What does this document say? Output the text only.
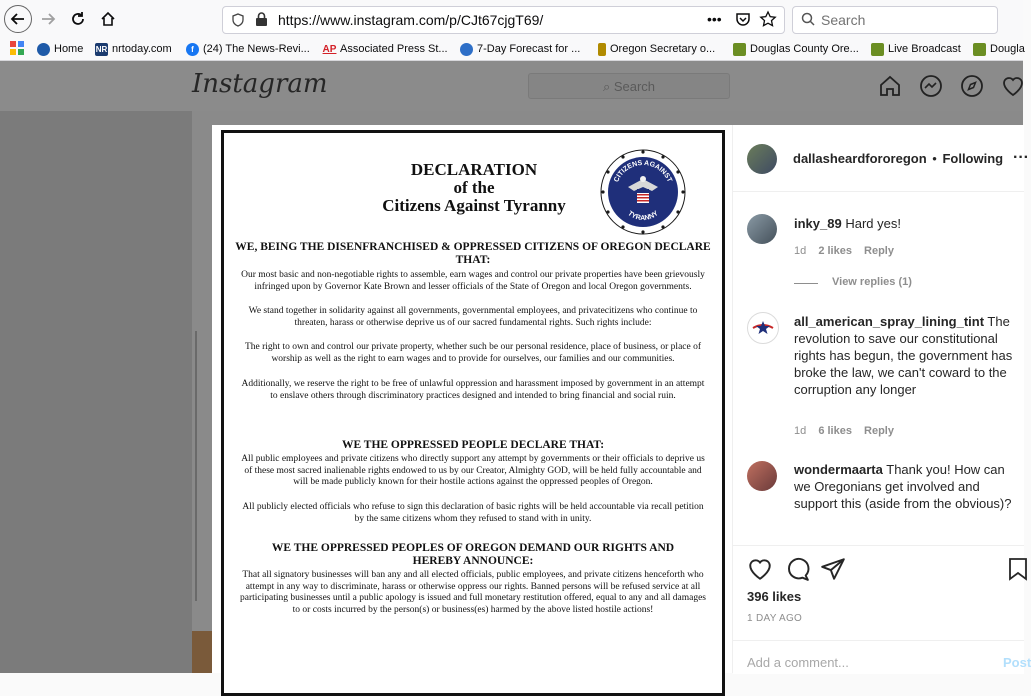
https://www.instagram.com/p/CJt67cjgT69/	•••	Search
Home NR nrtoday.com	f (24) The News-Revi... AP Associated Press St...	7-Day Forecast for ...	Oregon Secretary o...	Douglas County Ore...	Live Broadcast	Dougla
Instagram	⌕ Search
DECLARATION
of the
Citizens Against Tyranny
CITIZENS AGAINST
TYRANNY
WE, BEING THE DISENFRANCHISED & OPPRESSED CITIZENS OF OREGON DECLARE THAT:
Our most basic and non-negotiable rights to assemble, earn wages and control our private properties have been grievously infringed upon by Governor Kate Brown and lesser officials of the State of Oregon and local Oregon governments.
We stand together in solidarity against all governments, governmental employees, and privatecitizens who continue to threaten, harass or otherwise deprive us of our sacred fundamental rights. Such rights include:
The right to own and control our private property, whether such be our personal residence, place of business, or place of worship as well as the right to earn wages and to provide for ourselves, our families and our communities.
Additionally, we reserve the right to be free of unlawful oppression and harassment imposed by government in an attempt to enslave others through discriminatory practices designed and intended to bring financial and social ruin.
WE THE OPPRESSED PEOPLE DECLARE THAT:
All public employees and private citizens who directly support any attempt by governments or their officials to deprive us of these most sacred inalienable rights endowed to us by our Creator, Almighty GOD, will be held fully accountable and will be made publicly known for their hostile actions against the oppressed peoples of Oregon.
All publicly elected officials who refuse to sign this declaration of basic rights will be held accountable via recall petition by the same citizens whom they refused to stand with in unity.
WE THE OPPRESSED PEOPLES OF OREGON DEMAND OUR RIGHTS AND HEREBY ANNOUNCE:
That all signatory businesses will ban any and all elected officials, public employees, and private citizens henceforth who attempt in any way to discriminate, harass or otherwise oppress our rights. Banned persons will be refused service at all participating businesses until a public apology is issued and full monetary restitution offered, equal to any and all damages to or costs incurred by the person(s) or business(es) harmed by the above listed hostile actions!
dallasheardfororegon • Following ···
inky_89 Hard yes!
1d 2 likes Reply
View replies (1)
all_american_spray_lining_tint The revolution to save our constitutional rights has begun, the government has broke the law, we can't coward to the corruption any longer
1d 6 likes Reply
wondermaarta Thank you! How can we Oregonians get involved and support this (aside from the obvious)?
396 likes
1 DAY AGO
Add a comment...	Post
